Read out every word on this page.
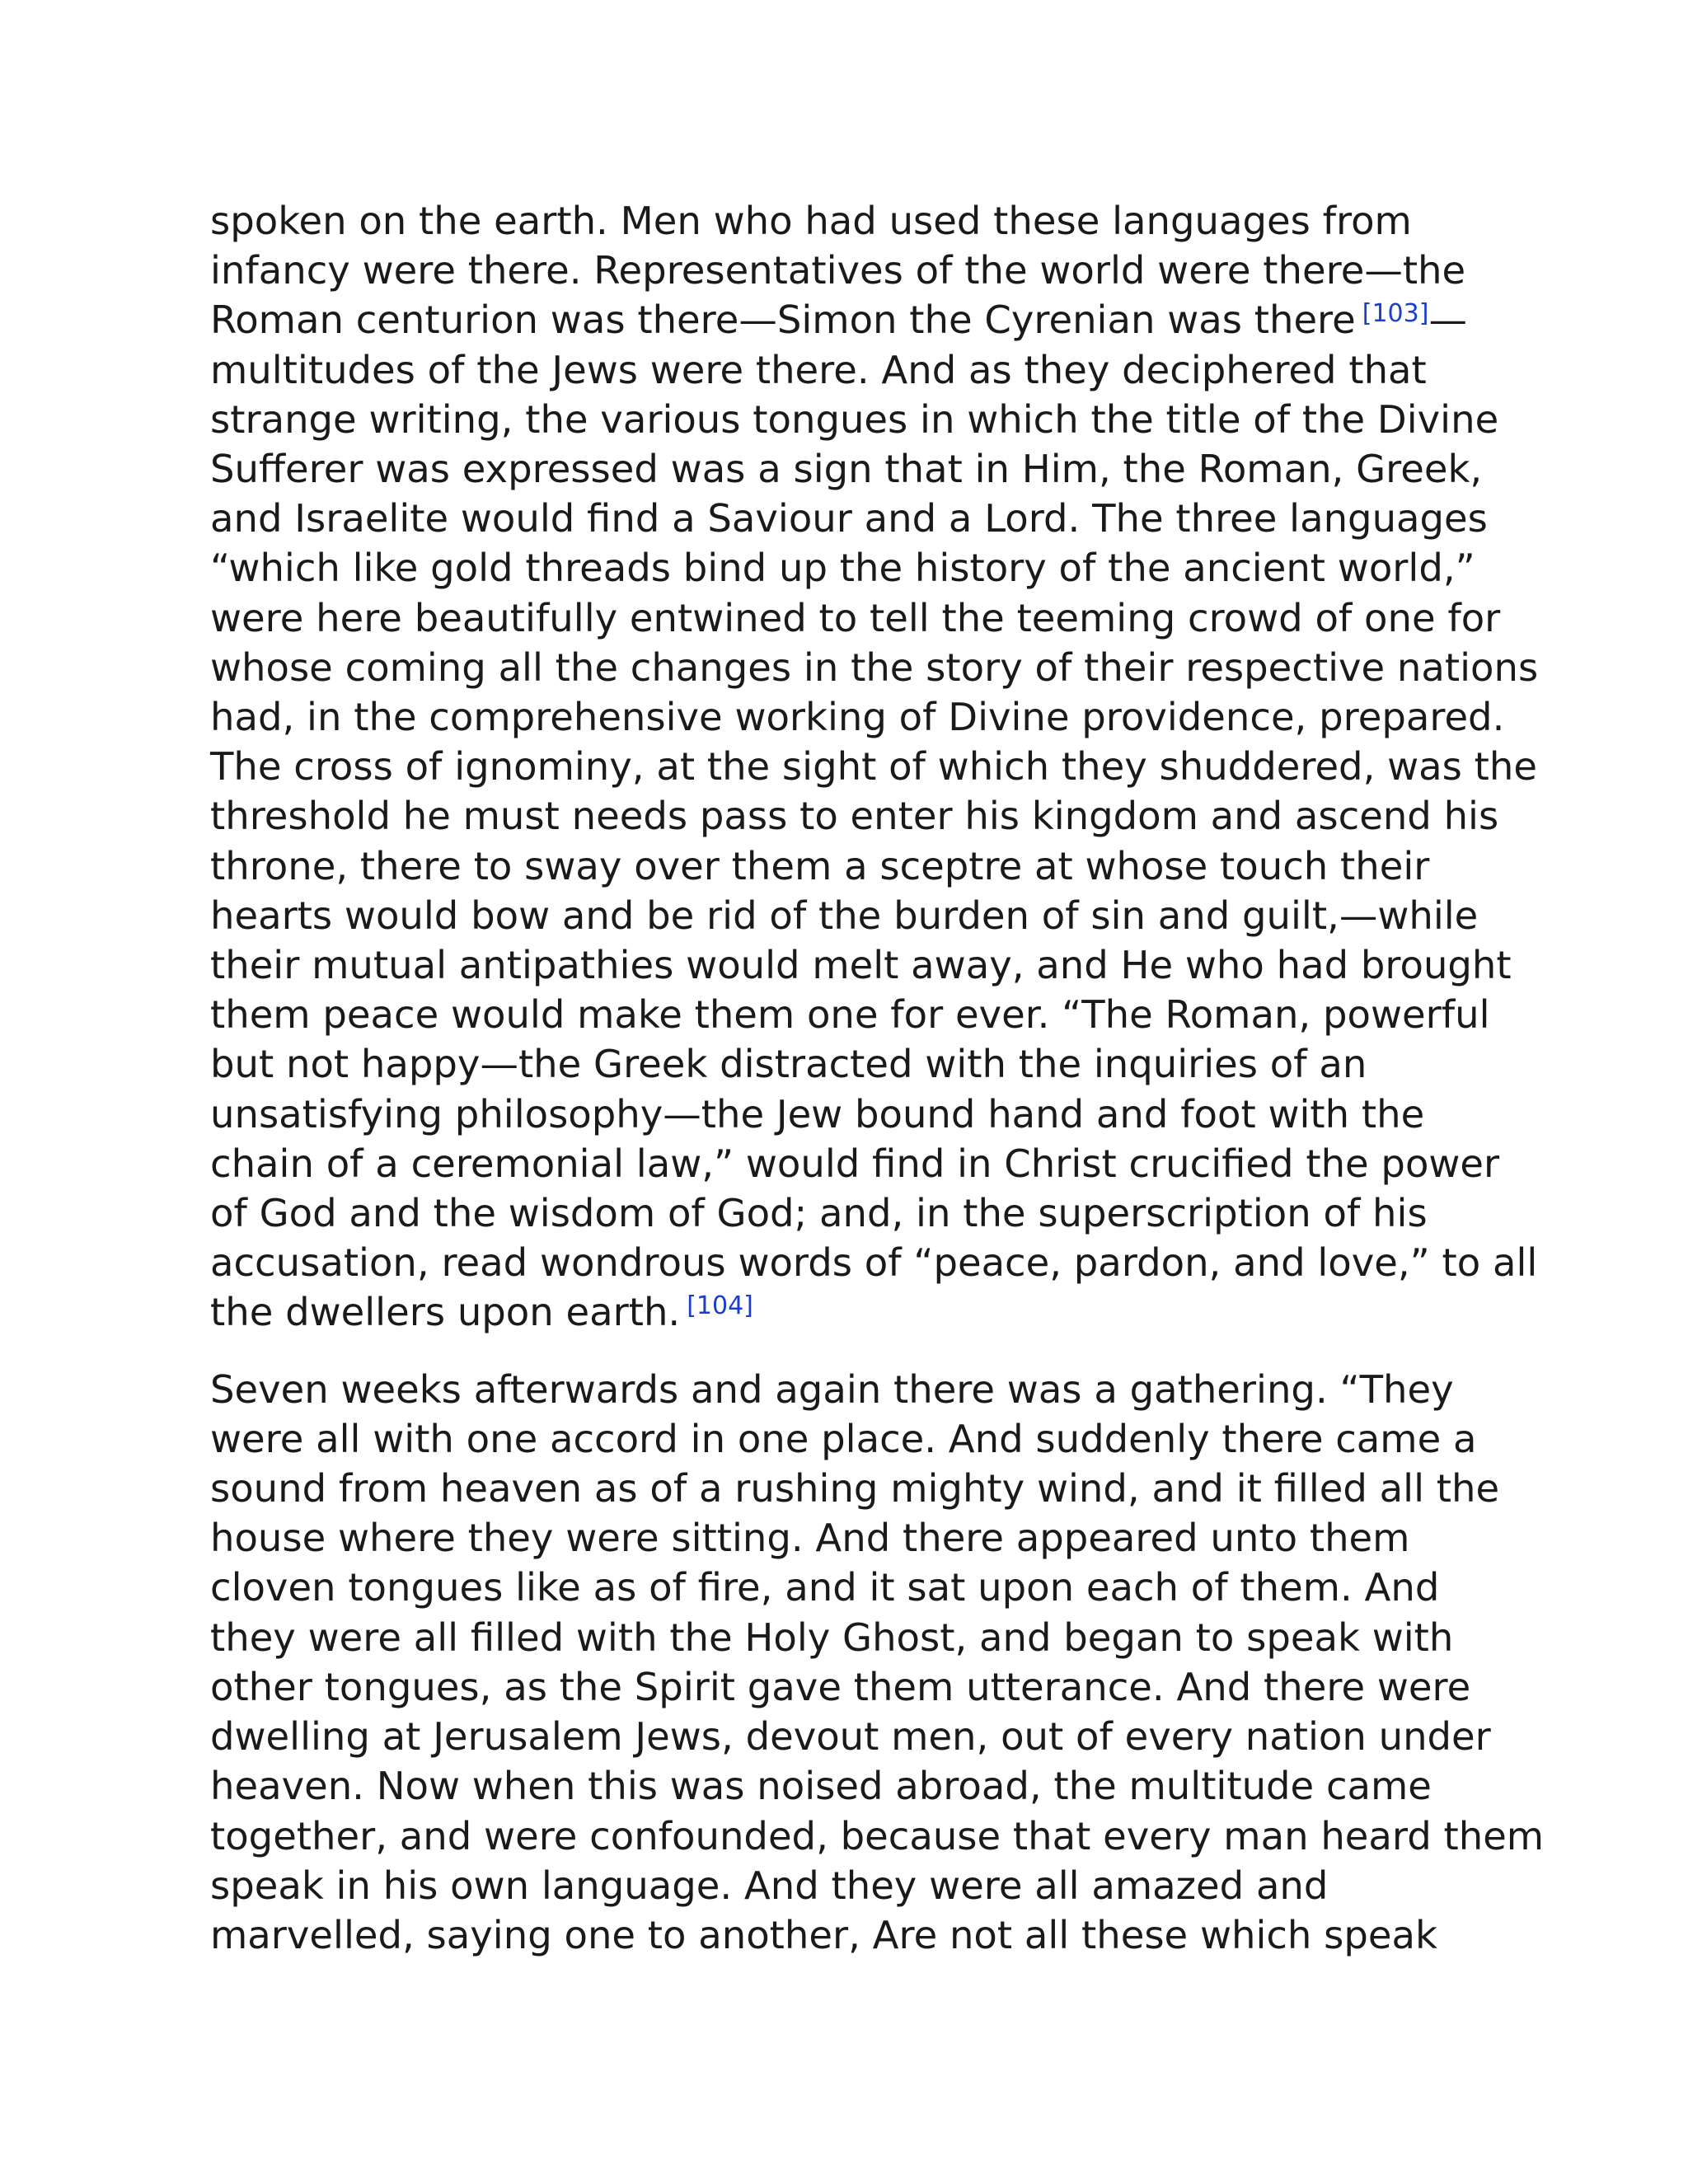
spoken on the earth. Men who had used these languages from
infancy were there. Representatives of the world were there—the
Roman centurion was there—Simon the Cyrenian was there [103]—
multitudes of the Jews were there. And as they deciphered that
strange writing, the various tongues in which the title of the Divine
Sufferer was expressed was a sign that in Him, the Roman, Greek,
and Israelite would find a Saviour and a Lord. The three languages
“which like gold threads bind up the history of the ancient world,”
were here beautifully entwined to tell the teeming crowd of one for
whose coming all the changes in the story of their respective nations
had, in the comprehensive working of Divine providence, prepared.
The cross of ignominy, at the sight of which they shuddered, was the
threshold he must needs pass to enter his kingdom and ascend his
throne, there to sway over them a sceptre at whose touch their
hearts would bow and be rid of the burden of sin and guilt,—while
their mutual antipathies would melt away, and He who had brought
them peace would make them one for ever. “The Roman, powerful
but not happy—the Greek distracted with the inquiries of an
unsatisfying philosophy—the Jew bound hand and foot with the
chain of a ceremonial law,” would find in Christ crucified the power
of God and the wisdom of God; and, in the superscription of his
accusation, read wondrous words of “peace, pardon, and love,” to all
the dwellers upon earth. [104]
Seven weeks afterwards and again there was a gathering. “They
were all with one accord in one place. And suddenly there came a
sound from heaven as of a rushing mighty wind, and it filled all the
house where they were sitting. And there appeared unto them
cloven tongues like as of fire, and it sat upon each of them. And
they were all filled with the Holy Ghost, and began to speak with
other tongues, as the Spirit gave them utterance. And there were
dwelling at Jerusalem Jews, devout men, out of every nation under
heaven. Now when this was noised abroad, the multitude came
together, and were confounded, because that every man heard them
speak in his own language. And they were all amazed and
marvelled, saying one to another, Are not all these which speak
